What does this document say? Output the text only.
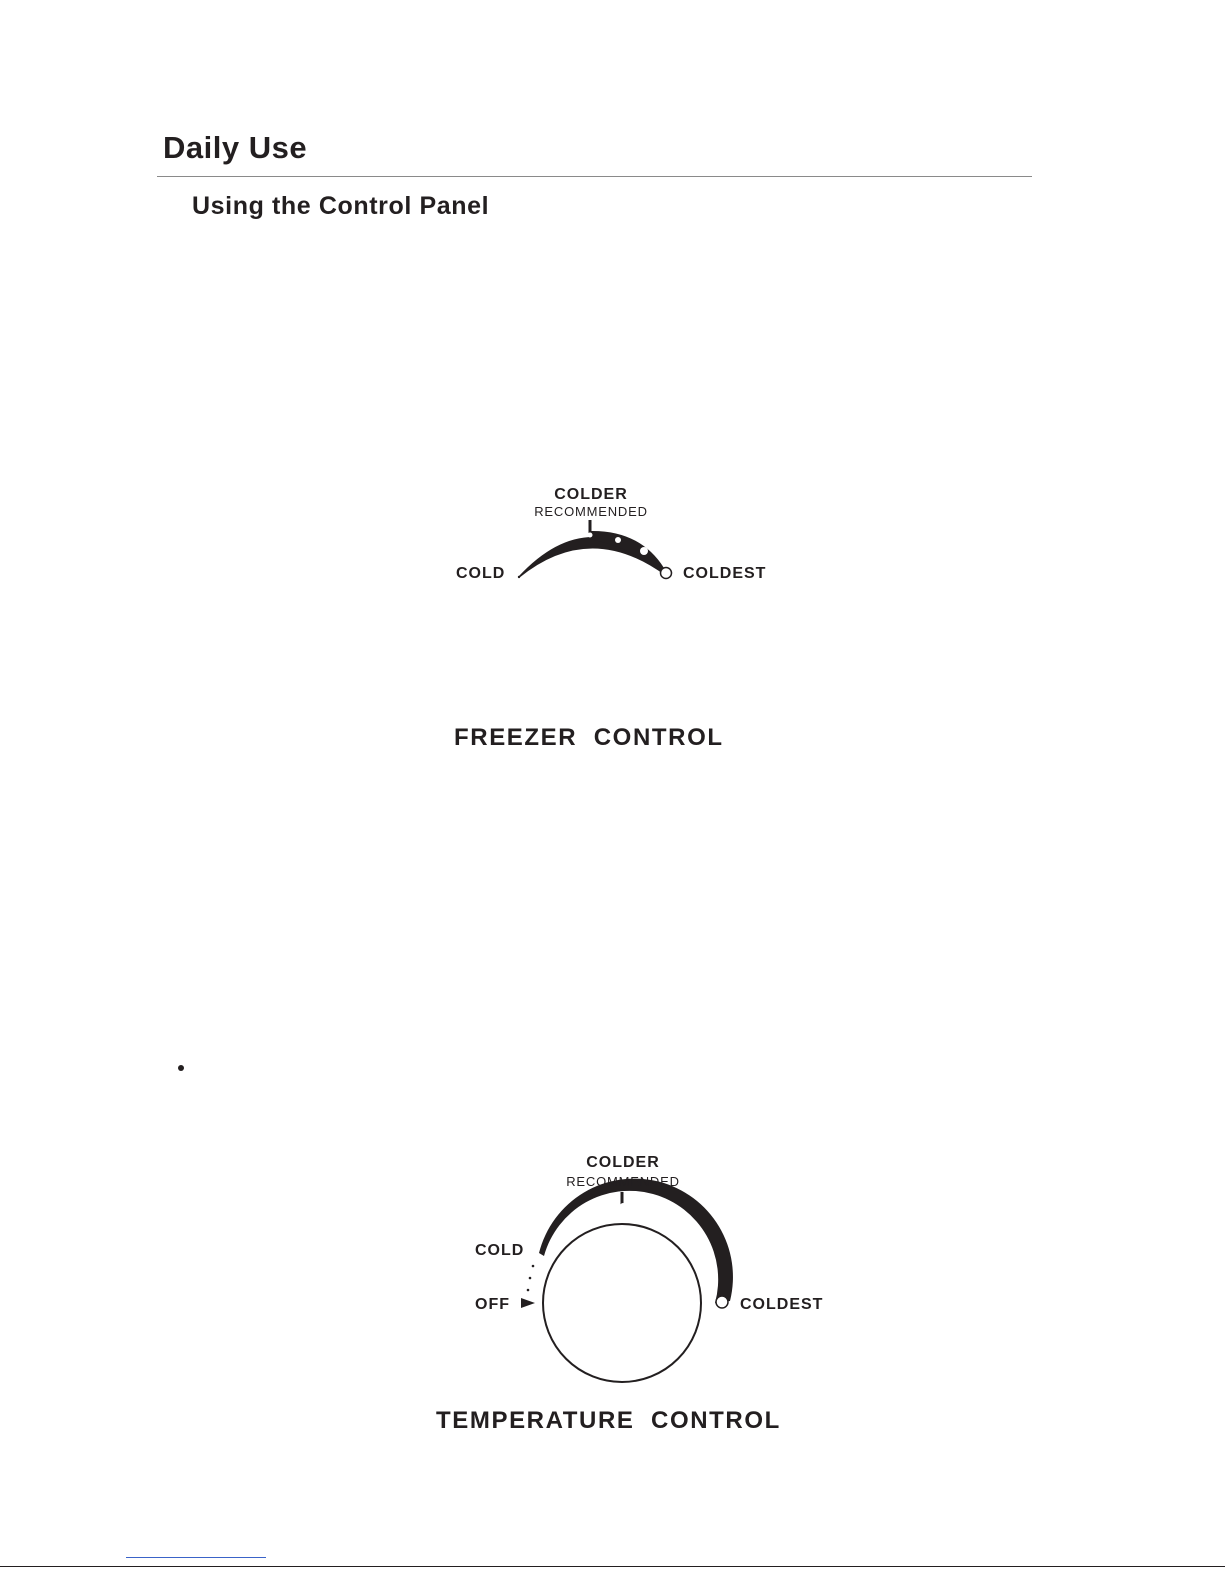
Daily Use
Using the Control Panel
COLDER
RECOMMENDED
COLD	COLDEST
FREEZER  CONTROL
COLDER
RECOMMENDED
COLD
OFF	COLDEST
TEMPERATURE  CONTROL
